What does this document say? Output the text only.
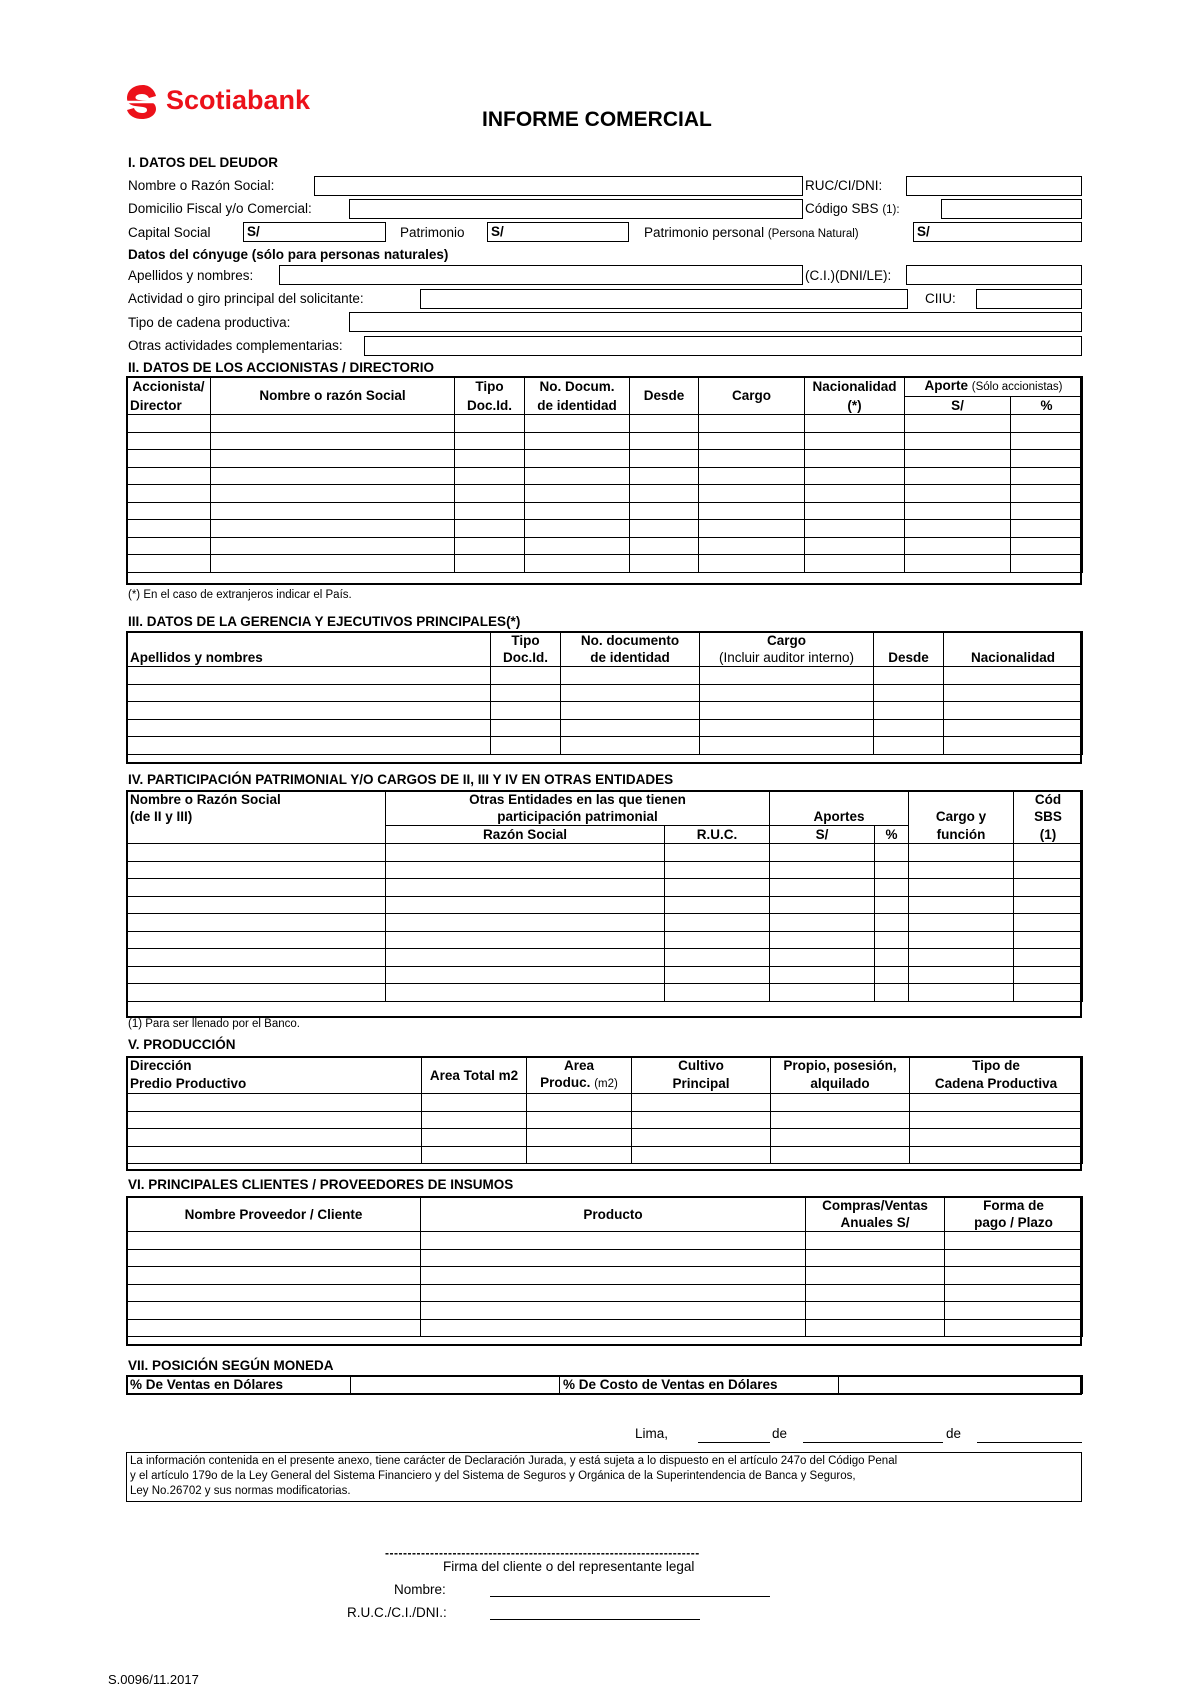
Scotiabank
INFORME COMERCIAL
I. DATOS DEL DEUDOR
Nombre o Razón Social:	RUC/CI/DNI:
Domicilio Fiscal y/o Comercial:	Código SBS (1):
Capital Social	S/	Patrimonio S/	Patrimonio personal (Persona Natural)	S/
Datos del cónyuge (sólo para personas naturales)
Apellidos y nombres:	(C.I.)(DNI/LE):
Actividad o giro principal del solicitante:	CIIU:
Tipo de cadena productiva:
Otras actividades complementarias:
II. DATOS DE LOS ACCIONISTAS / DIRECTORIO
Accionista/	Nombre o razón Social	Tipo	No. Docum.	Desde	Cargo	Nacionalidad	Aporte (Sólo accionistas)	
Director		Doc.Id.	de identidad			(*)	S/	%

(*) En el caso de extranjeros indicar el País.
III. DATOS DE LA GERENCIA Y EJECUTIVOS PRINCIPALES(*)
	Tipo	No. documento	Cargo		
Apellidos y nombres	Doc.Id.	de identidad	(Incluir auditor interno)	Desde	Nacionalidad

IV. PARTICIPACIÓN PATRIMONIAL Y/O CARGOS DE II, III Y IV EN OTRAS ENTIDADES
Nombre o Razón Social	Otras Entidades en las que tienen					Cód
(de II y III)	participación patrimonial		Aportes		Cargo y	SBS
	Razón Social	R.U.C.	S/	%	función	(1)

(1) Para ser llenado por el Banco.
V. PRODUCCIÓN
Dirección	Area Total m2	Area	Cultivo	Propio, posesión,	Tipo de
Predio Productivo		Produc. (m2)	Principal	alquilado	Cadena Productiva

VI. PRINCIPALES CLIENTES / PROVEEDORES DE INSUMOS
Nombre Proveedor / Cliente	Producto	Compras/Ventas	Forma de
		Anuales S/	pago / Plazo

VII. POSICIÓN SEGÚN MONEDA
% De Ventas en Dólares		% De Costo de Ventas en Dólares	
Lima,	de	de
La información contenida en el presente anexo, tiene carácter de Declaración Jurada, y está sujeta a lo dispuesto en el artículo 247o del Código Penal
y el artículo 179o de la Ley General del Sistema Financiero y del Sistema de Seguros y Orgánica de la Superintendencia de Banca y Seguros,
Ley No.26702 y sus normas modificatorias.
----------------------------------------------------------------------
Firma del cliente o del representante legal
Nombre:
R.U.C./C.I./DNI.:
S.0096/11.2017
